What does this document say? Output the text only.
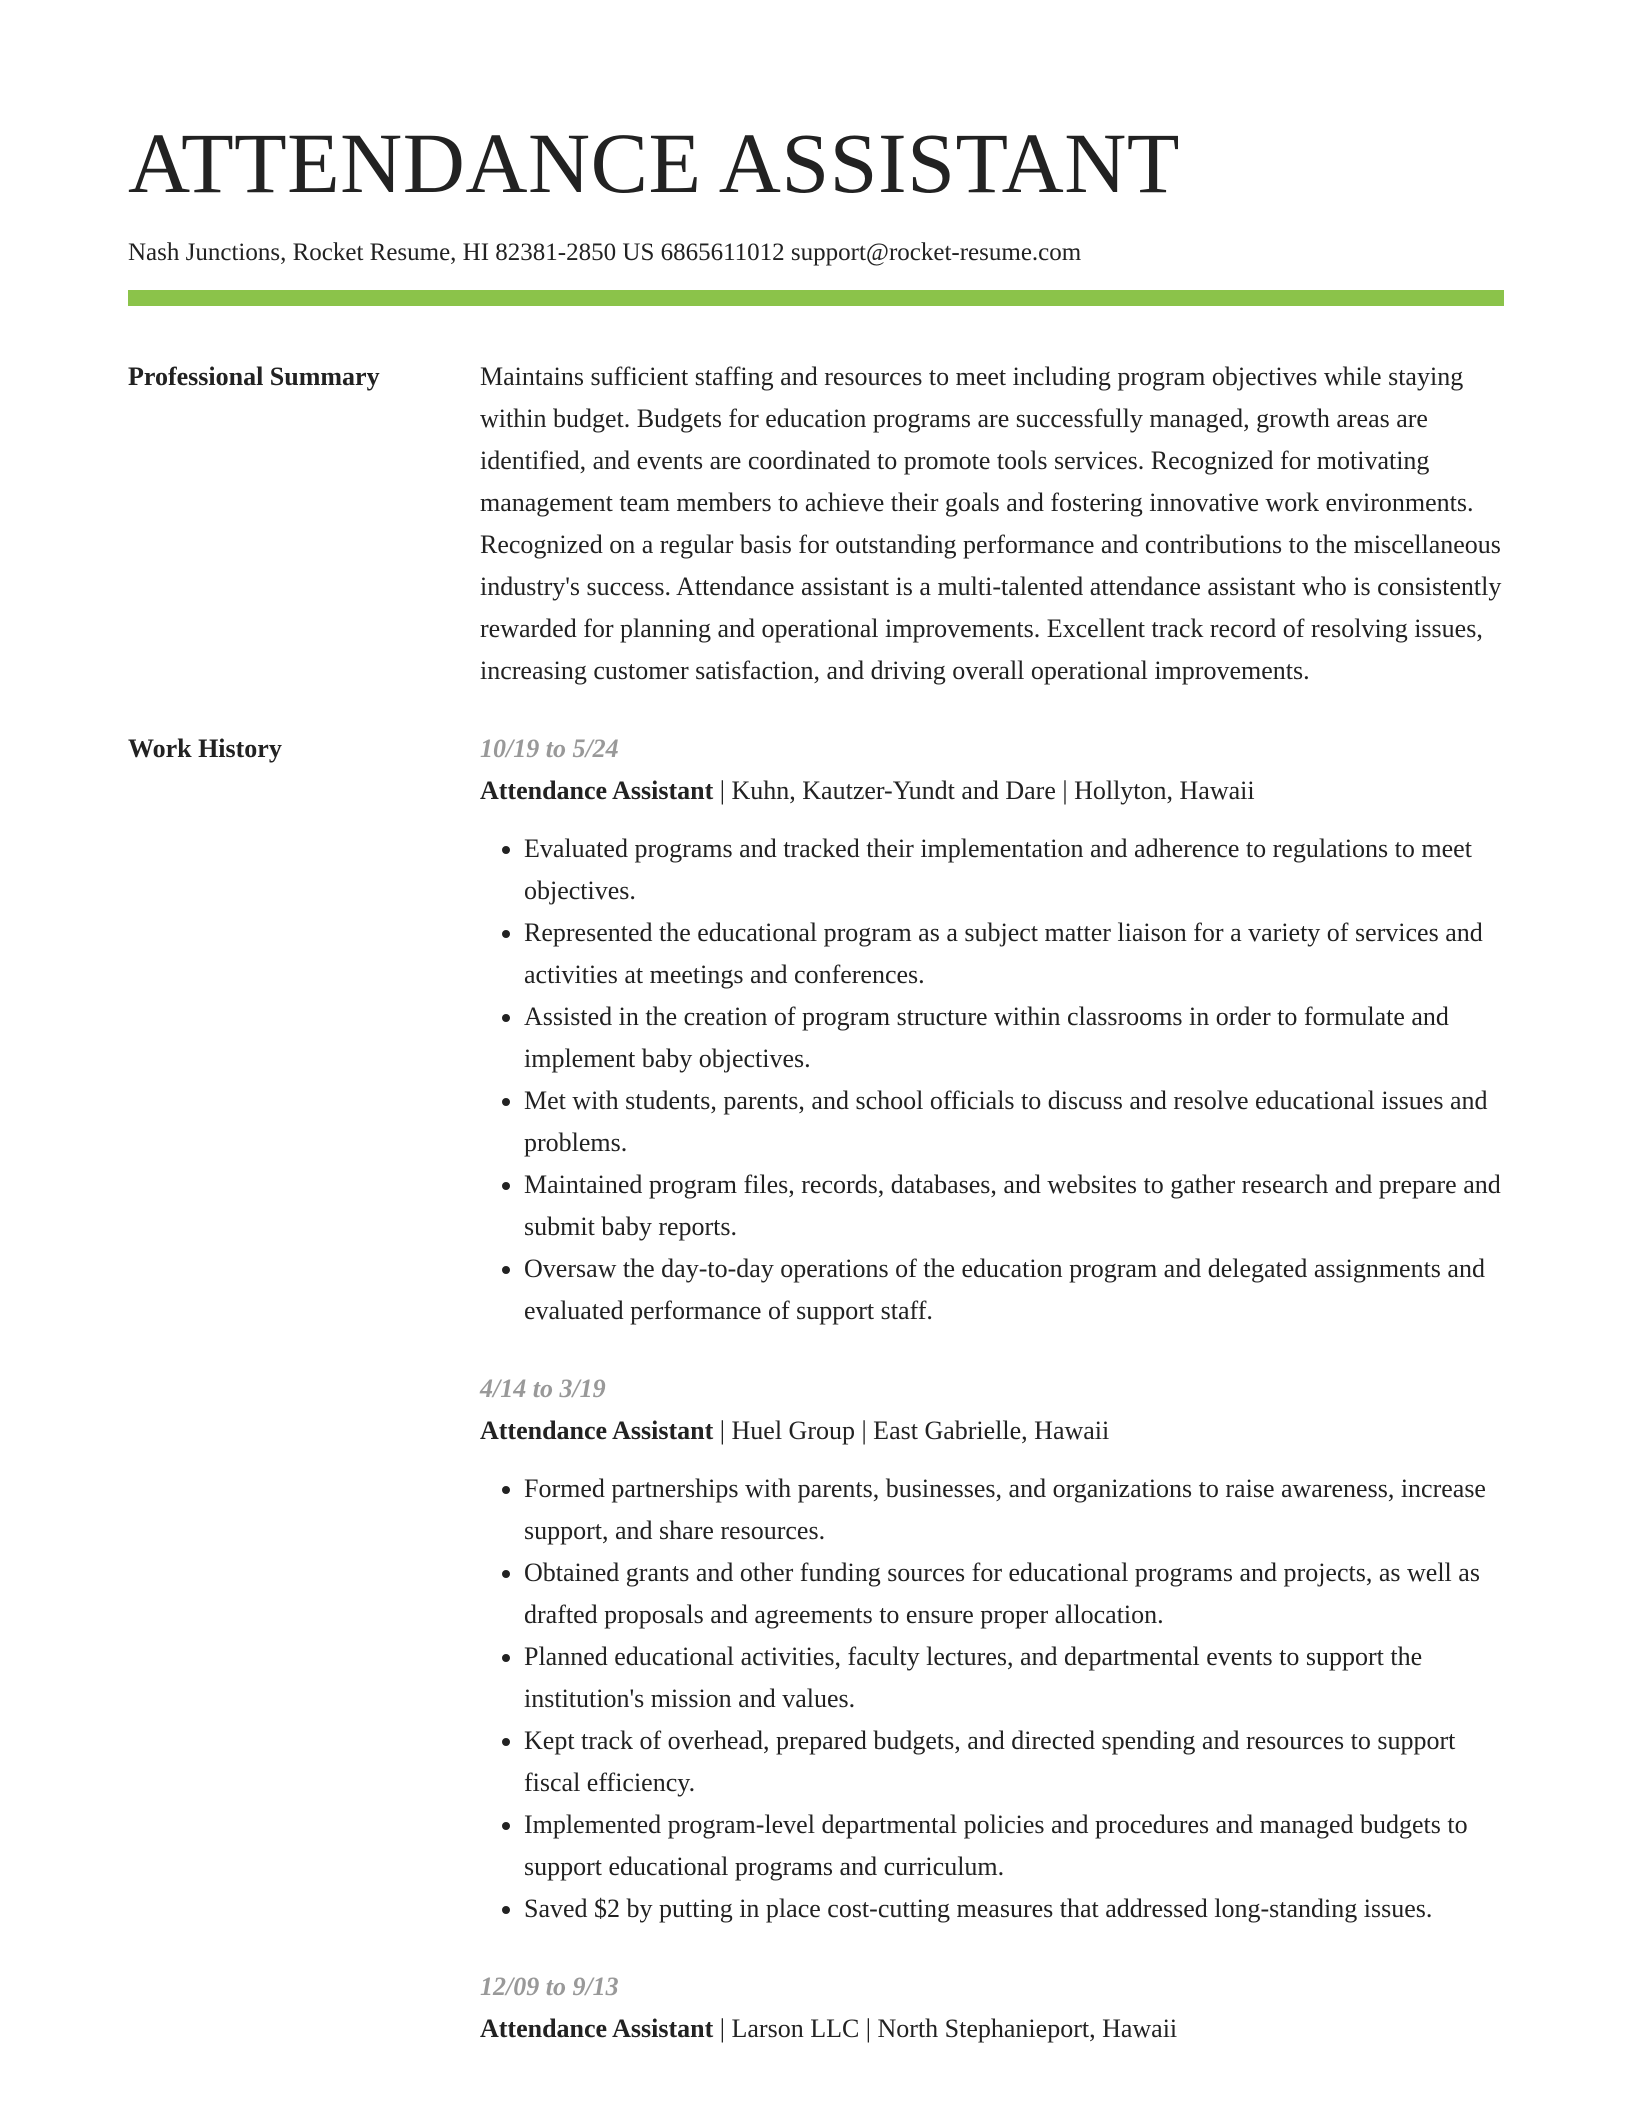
ATTENDANCE ASSISTANT
Nash Junctions, Rocket Resume, HI 82381-2850 US 6865611012 support@rocket-resume.com
Professional Summary	Maintains sufficient staffing and resources to meet including program objectives while staying within budget. Budgets for education programs are successfully managed, growth areas are identified, and events are coordinated to promote tools services. Recognized for motivating management team members to achieve their goals and fostering innovative work environments. Recognized on a regular basis for outstanding performance and contributions to the miscellaneous industry's success. Attendance assistant is a multi-talented attendance assistant who is consistently rewarded for planning and operational improvements. Excellent track record of resolving issues, increasing customer satisfaction, and driving overall operational improvements.

Work History	10/19 to 5/24
Attendance Assistant | Kuhn, Kautzer-Yundt and Dare | Hollyton, Hawaii
• Evaluated programs and tracked their implementation and adherence to regulations to meet objectives.
• Represented the educational program as a subject matter liaison for a variety of services and activities at meetings and conferences.
• Assisted in the creation of program structure within classrooms in order to formulate and implement baby objectives.
• Met with students, parents, and school officials to discuss and resolve educational issues and problems.
• Maintained program files, records, databases, and websites to gather research and prepare and submit baby reports.
• Oversaw the day-to-day operations of the education program and delegated assignments and evaluated performance of support staff.
4/14 to 3/19
Attendance Assistant | Huel Group | East Gabrielle, Hawaii
• Formed partnerships with parents, businesses, and organizations to raise awareness, increase support, and share resources.
• Obtained grants and other funding sources for educational programs and projects, as well as drafted proposals and agreements to ensure proper allocation.
• Planned educational activities, faculty lectures, and departmental events to support the institution's mission and values.
• Kept track of overhead, prepared budgets, and directed spending and resources to support fiscal efficiency.
• Implemented program-level departmental policies and procedures and managed budgets to support educational programs and curriculum.
• Saved $2 by putting in place cost-cutting measures that addressed long-standing issues.
12/09 to 9/13
Attendance Assistant | Larson LLC | North Stephanieport, Hawaii
